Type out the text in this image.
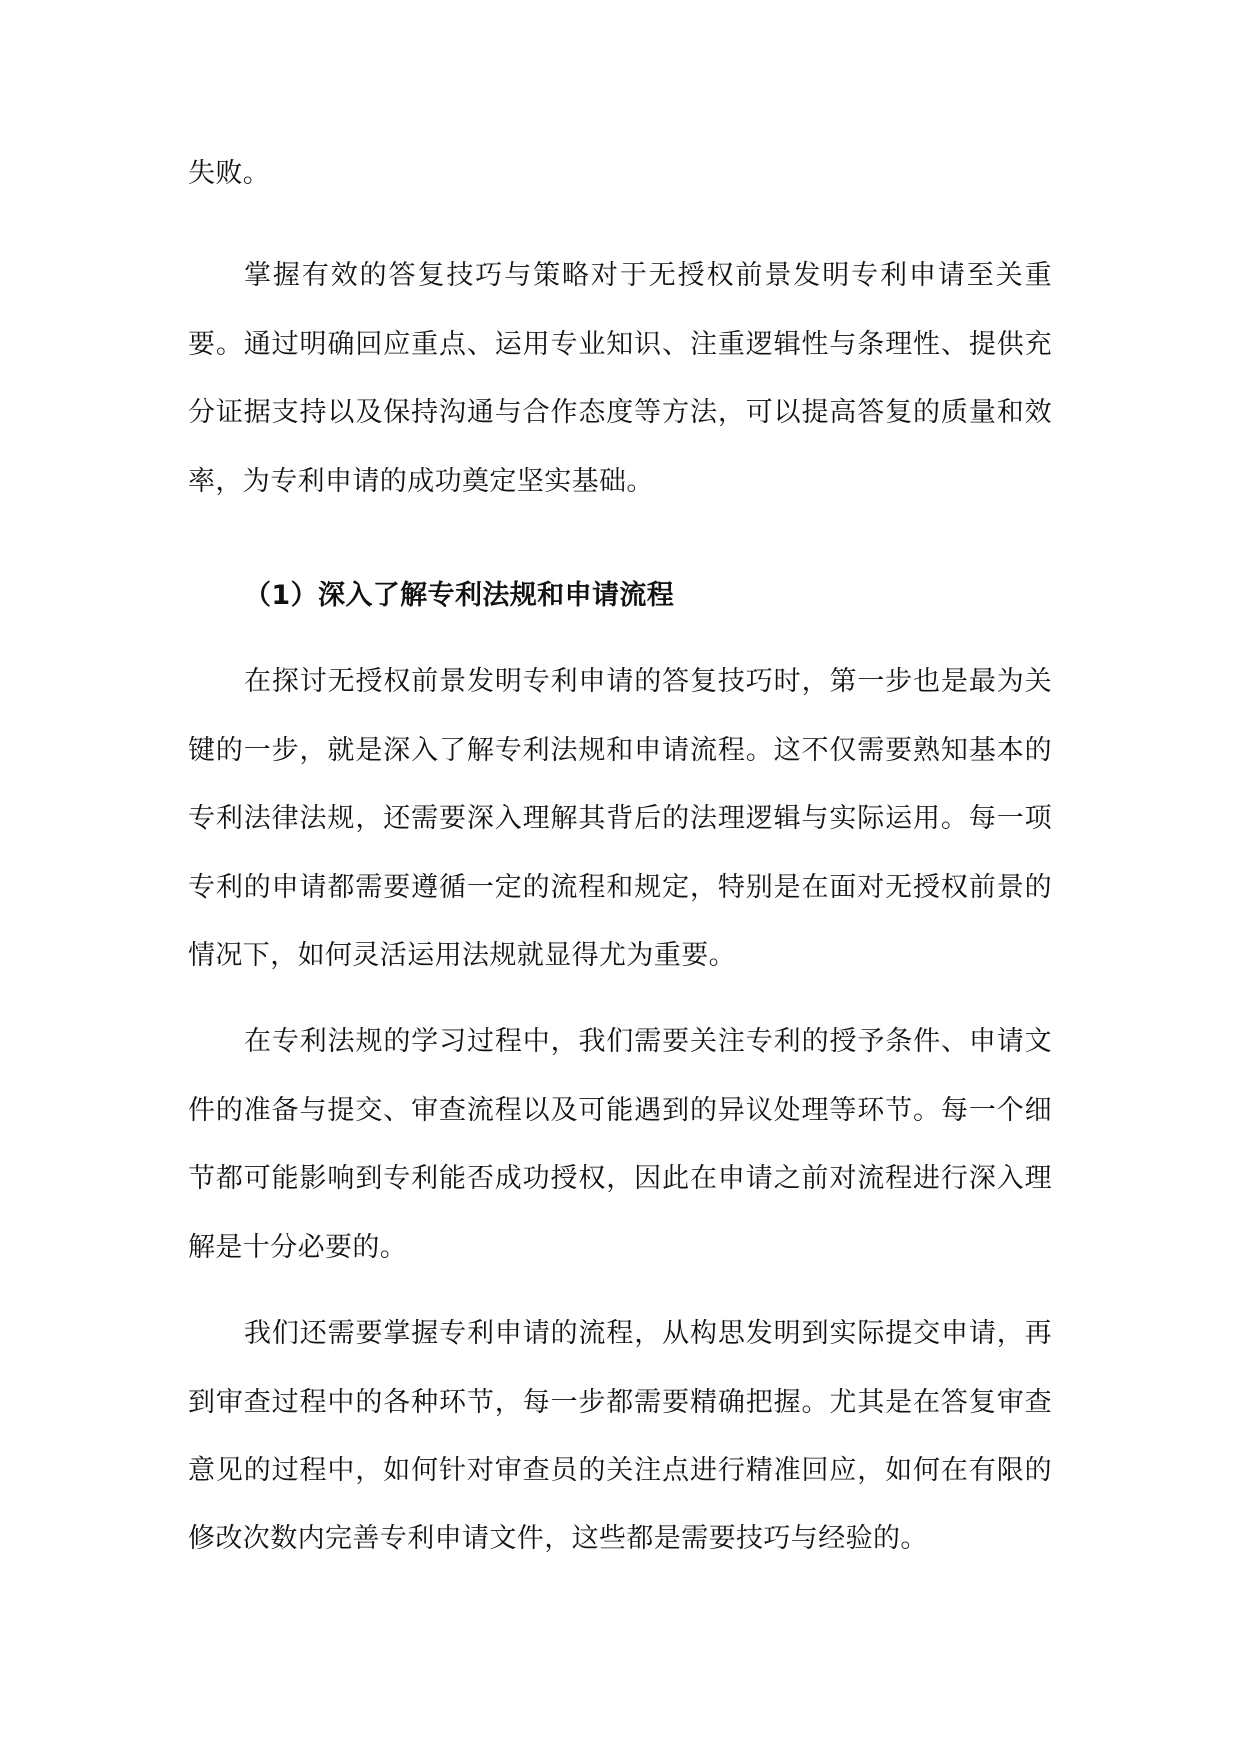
失败。

掌握有效的答复技巧与策略对于无授权前景发明专利申请至关重要。通过明确回应重点、运用专业知识、注重逻辑性与条理性、提供充分证据支持以及保持沟通与合作态度等方法，可以提高答复的质量和效率，为专利申请的成功奠定坚实基础。

（1）深入了解专利法规和申请流程

在探讨无授权前景发明专利申请的答复技巧时，第一步也是最为关键的一步，就是深入了解专利法规和申请流程。这不仅需要熟知基本的专利法律法规，还需要深入理解其背后的法理逻辑与实际运用。每一项专利的申请都需要遵循一定的流程和规定，特别是在面对无授权前景的情况下，如何灵活运用法规就显得尤为重要。

在专利法规的学习过程中，我们需要关注专利的授予条件、申请文件的准备与提交、审查流程以及可能遇到的异议处理等环节。每一个细节都可能影响到专利能否成功授权，因此在申请之前对流程进行深入理解是十分必要的。

我们还需要掌握专利申请的流程，从构思发明到实际提交申请，再到审查过程中的各种环节，每一步都需要精确把握。尤其是在答复审查意见的过程中，如何针对审查员的关注点进行精准回应，如何在有限的修改次数内完善专利申请文件，这些都是需要技巧与经验的。
